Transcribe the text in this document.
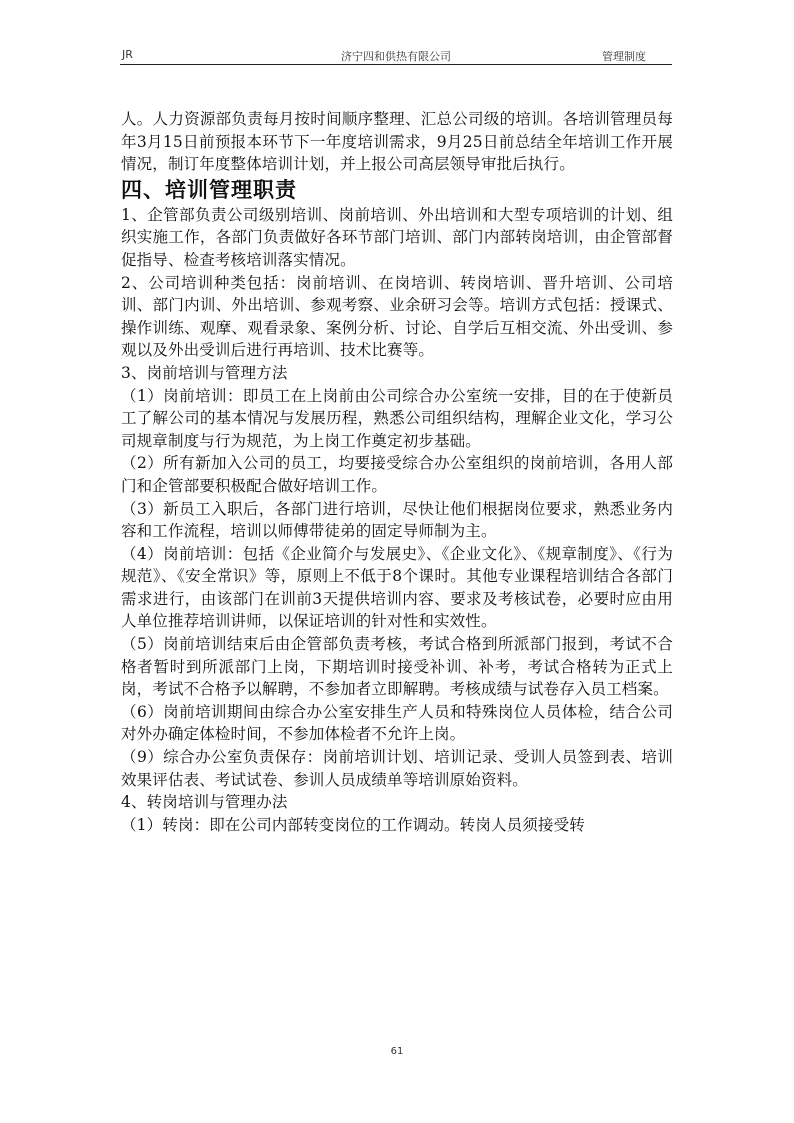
JR	济宁四和供热有限公司	管理制度

人。人力资源部负责每月按时间顺序整理、汇总公司级的培训。各培训管理员每年3月15日前预报本环节下一年度培训需求，9月25日前总结全年培训工作开展情况，制订年度整体培训计划，并上报公司高层领导审批后执行。

四、培训管理职责

1、企管部负责公司级别培训、岗前培训、外出培训和大型专项培训的计划、组织实施工作，各部门负责做好各环节部门培训、部门内部转岗培训，由企管部督促指导、检查考核培训落实情况。

2、公司培训种类包括：岗前培训、在岗培训、转岗培训、晋升培训、公司培训、部门内训、外出培训、参观考察、业余研习会等。培训方式包括：授课式、操作训练、观摩、观看录象、案例分析、讨论、自学后互相交流、外出受训、参观以及外出受训后进行再培训、技术比赛等。

3、岗前培训与管理方法

（1）岗前培训：即员工在上岗前由公司综合办公室统一安排，目的在于使新员工了解公司的基本情况与发展历程，熟悉公司组织结构，理解企业文化，学习公司规章制度与行为规范，为上岗工作奠定初步基础。

（2）所有新加入公司的员工，均要接受综合办公室组织的岗前培训，各用人部门和企管部要积极配合做好培训工作。

（3）新员工入职后，各部门进行培训，尽快让他们根据岗位要求，熟悉业务内容和工作流程，培训以师傅带徒弟的固定导师制为主。

（4）岗前培训：包括《企业简介与发展史》、《企业文化》、《规章制度》、《行为规范》、《安全常识》等，原则上不低于8个课时。其他专业课程培训结合各部门需求进行，由该部门在训前3天提供培训内容、要求及考核试卷，必要时应由用人单位推荐培训讲师，以保证培训的针对性和实效性。

（5）岗前培训结束后由企管部负责考核，考试合格到所派部门报到，考试不合格者暂时到所派部门上岗，下期培训时接受补训、补考，考试合格转为正式上岗，考试不合格予以解聘，不参加者立即解聘。考核成绩与试卷存入员工档案。

（6）岗前培训期间由综合办公室安排生产人员和特殊岗位人员体检，结合公司对外办确定体检时间，不参加体检者不允许上岗。

（9）综合办公室负责保存：岗前培训计划、培训记录、受训人员签到表、培训效果评估表、考试试卷、参训人员成绩单等培训原始资料。

4、转岗培训与管理办法

（1）转岗：即在公司内部转变岗位的工作调动。转岗人员须接受转

61
